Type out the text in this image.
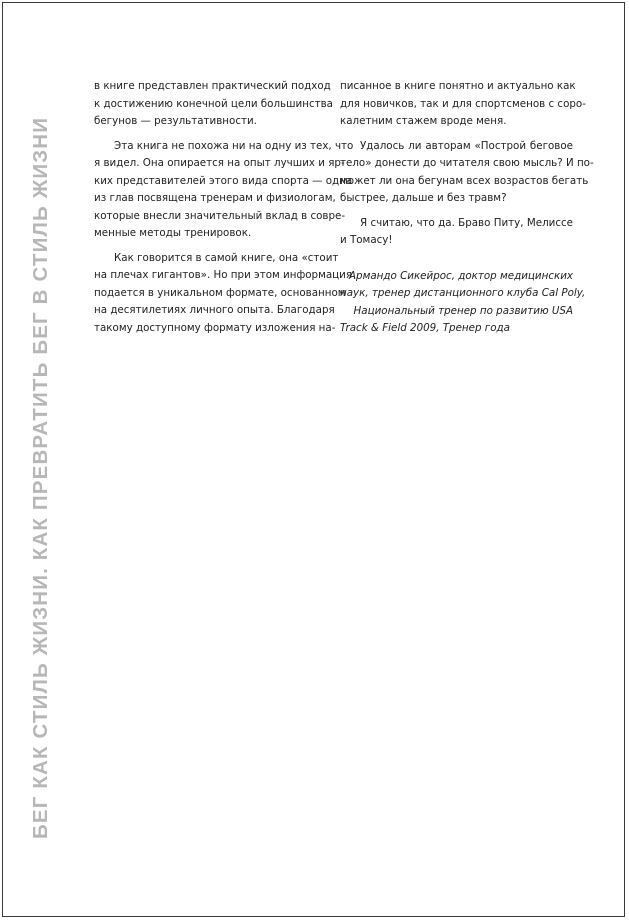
БЕГ КАК СТИЛЬ ЖИЗНИ. КАК ПРЕВРАТИТЬ БЕГ В СТИЛЬ ЖИЗНИ

в книге представлен практический подход
к достижению конечной цели большинства
бегунов — результативности.

Эта книга не похожа ни на одну из тех, что
я видел. Она опирается на опыт лучших и яр-
ких представителей этого вида спорта — одна
из глав посвящена тренерам и физиологам,
которые внесли значительный вклад в совре-
менные методы тренировок.

Как говорится в самой книге, она «стоит
на плечах гигантов». Но при этом информация
подается в уникальном формате, основанном
на десятилетиях личного опыта. Благодаря
такому доступному формату изложения на-

писанное в книге понятно и актуально как
для новичков, так и для спортсменов с соро-
калетним стажем вроде меня.

Удалось ли авторам «Построй беговое
тело» донести до читателя свою мысль? И по-
может ли она бегунам всех возрастов бегать
быстрее, дальше и без травм?

Я считаю, что да. Браво Питу, Мелиссе
и Томасу!

Армандо Сикейрос, доктор медицинских
наук, тренер дистанционного клуба Cal Poly,
Национальный тренер по развитию USA
Track & Field 2009, Тренер года
